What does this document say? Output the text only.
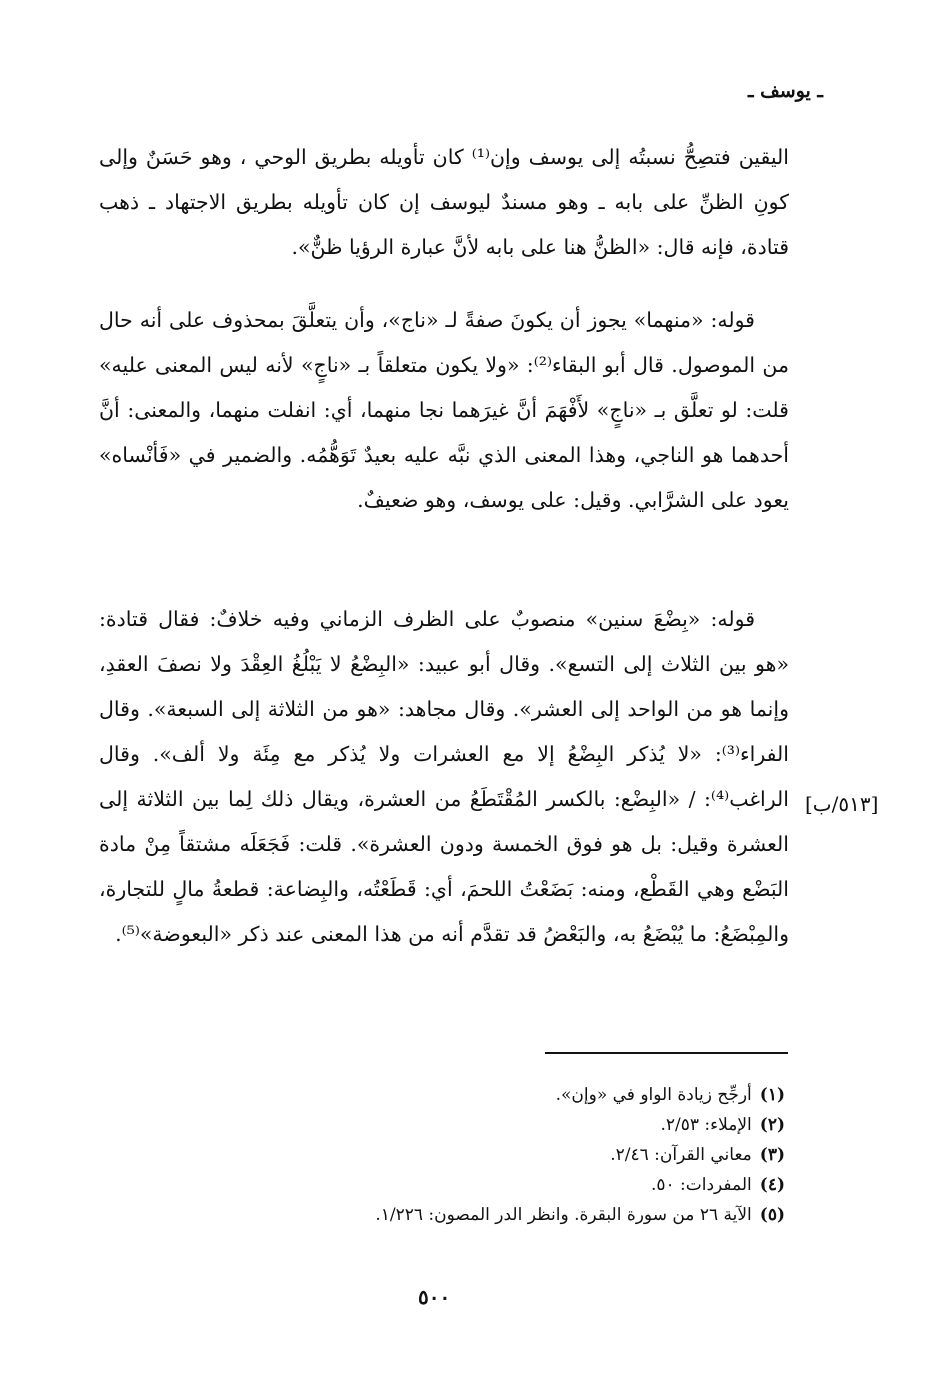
ـ يوسف ـ

اليقين فتصِحُّ نسبتُه إلى يوسف وإن⁽¹⁾ كان تأويله بطريق الوحي ، وهو حَسَنٌ وإلى كونِ الظنِّ على بابه ـ وهو مسندٌ ليوسف إن كان تأويله بطريق الاجتهاد ـ ذهب قتادة، فإنه قال: «الظنُّ هنا على بابه لأنَّ عبارة الرؤيا ظنٌّ».

قوله: «منهما» يجوز أن يكونَ صفةً لـ «ناج»، وأن يتعلَّقَ بمحذوف على أنه حال من الموصول. قال أبو البقاء⁽²⁾: «ولا يكون متعلقاً بـ «ناجٍ» لأنه ليس المعنى عليه» قلت: لو تعلَّق بـ «ناجٍ» لأَفْهَمَ أنَّ غيرَهما نجا منهما، أي: انفلت منهما، والمعنى: أنَّ أحدهما هو الناجي، وهذا المعنى الذي نبَّه عليه بعيدٌ تَوَهُّمُه. والضمير في «فَأنْساه» يعود على الشرَّابي. وقيل: على يوسف، وهو ضعيفٌ.

قوله: «بِضْعَ سنين» منصوبٌ على الظرف الزماني وفيه خلافٌ: فقال قتادة: «هو بين الثلاث إلى التسع». وقال أبو عبيد: «البِضْعُ لا يَبْلُغُ العِقْدَ ولا نصفَ العقدِ، وإنما هو من الواحد إلى العشر». وقال مجاهد: «هو من الثلاثة إلى السبعة». وقال الفراء⁽³⁾: «لا يُذكر البِضْعُ إلا مع العشرات ولا يُذكر مع مِئَة ولا ألف». وقال الراغب⁽⁴⁾: / «البِضْع: بالكسر المُقْتَطَعُ من العشرة، ويقال ذلك لِما بين الثلاثة إلى العشرة وقيل: بل هو فوق الخمسة ودون العشرة». قلت: فَجَعَلَه مشتقاً مِنْ مادة البَضْع وهي القَطْع، ومنه: بَضَعْتُ اللحمَ، أي: قَطَعْتُه، والبِضاعة: قطعةُ مالٍ للتجارة، والمِبْضَعُ: ما يُبْضَعُ به، والبَعْضُ قد تقدَّم أنه من هذا المعنى عند ذكر «البعوضة»⁽⁵⁾.

[٥١٣/ب]
(١)أرجِّح زيادة الواو في «وإن».
(٢)الإملاء: ٢/٥٣.
(٣)معاني القرآن: ٢/٤٦.
(٤)المفردات: ٥٠.
(٥)الآية ٢٦ من سورة البقرة. وانظر الدر المصون: ١/٢٢٦.
٥٠٠
